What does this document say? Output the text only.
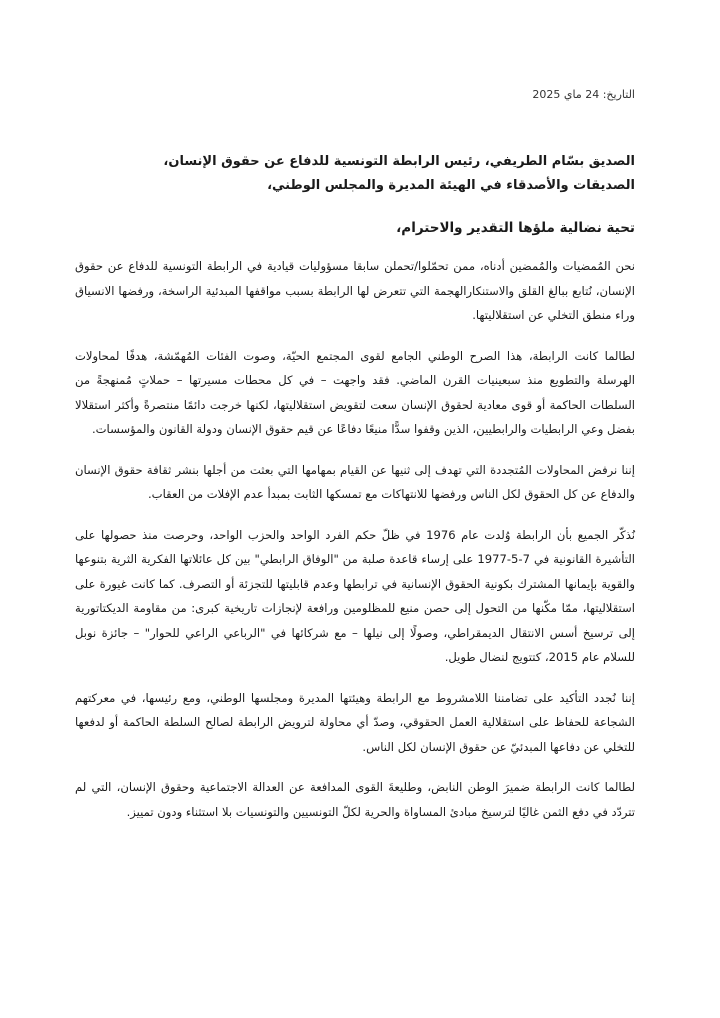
التاريخ: 24 ماي 2025
الصديق بسّام الطريفي، رئيس الرابطة التونسية للدفاع عن حقوق الإنسان،
الصديقات والأصدقاء في الهيئة المديرة والمجلس الوطني،
تحية نضالية ملؤها التقدير والاحترام،

نحن المُمضيات والمُمضين أدناه، ممن تحمّلوا/تحملن سابقا مسؤوليات قيادية في الرابطة التونسية للدفاع عن حقوق الإنسان، نُتابع ببالغ القلق والاستنكارالهجمة التي تتعرض لها الرابطة بسبب مواقفها المبدئية الراسخة، ورفضها الانسياق وراء منطق التخلي عن استقلاليتها.

لطالما كانت الرابطة، هذا الصرح الوطني الجامع لقوى المجتمع الحيّة، وصوت الفئات المُهمّشة، هدفًا لمحاولات الهرسلة والتطويع منذ سبعينيات القرن الماضي. فقد واجهت – في كل محطات مسيرتها – حملاتٍ مُمنهجةً من السلطات الحاكمة أو قوى معادية لحقوق الإنسان سعت لتقويض استقلاليتها، لكنها خرجت دائمًا منتصرةً وأكثر استقلالا بفضل وعي الرابطيات والرابطيين، الذين وقفوا سدًّا منيعًا دفاعًا عن قيم حقوق الإنسان ودولة القانون والمؤسسات.

إننا نرفض المحاولات المُتجددة التي تهدف إلى ثنيها عن القيام بمهامها التي بعثت من أجلها بنشر ثقافة حقوق الإنسان والدفاع عن كل الحقوق لكل الناس ورفضها للانتهاكات مع تمسكها الثابت بمبدأ عدم الإفلات من العقاب.

نُذكّر الجميع بأن الرابطة وُلدت عام 1976 في ظلّ حكم الفرد الواحد والحزب الواحد، وحرصت منذ حصولها على التأشيرة القانونية في 7-5-1977 على إرساء قاعدة صلبة من "الوفاق الرابطي" بين كل عائلاتها الفكرية الثرية بتنوعها والقوية بإيمانها المشترك بكونية الحقوق الإنسانية في ترابطها وعدم قابليتها للتجزئة أو التصرف. كما كانت غيورة على استقلاليتها، ممّا مكّنها من التحول إلى حصن منيع للمظلومين ورافعة لإنجازات تاريخية كبرى: من مقاومة الديكتاتورية إلى ترسيخ أسس الانتقال الديمقراطي، وصولًا إلى نيلها – مع شركائها في "الرباعي الراعي للحوار" – جائزة نوبل للسلام عام 2015، كتتويج لنضال طويل.

إننا نُجدد التأكيد على تضامننا اللامشروط مع الرابطة وهيئتها المديرة ومجلسها الوطني، ومع رئيسها، في معركتهم الشجاعة للحفاظ على استقلالية العمل الحقوقي، وصدّ أي محاولة لترويض الرابطة لصالح السلطة الحاكمة أو لدفعها للتخلي عن دفاعها المبدئيّ عن حقوق الإنسان لكل الناس.

لطالما كانت الرابطة ضميرَ الوطن النابض، وطليعةَ القوى المدافعة عن العدالة الاجتماعية وحقوق الإنسان، التي لم تتردّد في دفع الثمن غاليًا لترسيخ مبادئ المساواة والحرية لكلّ التونسيين والتونسيات بلا استثناء ودون تمييز.
